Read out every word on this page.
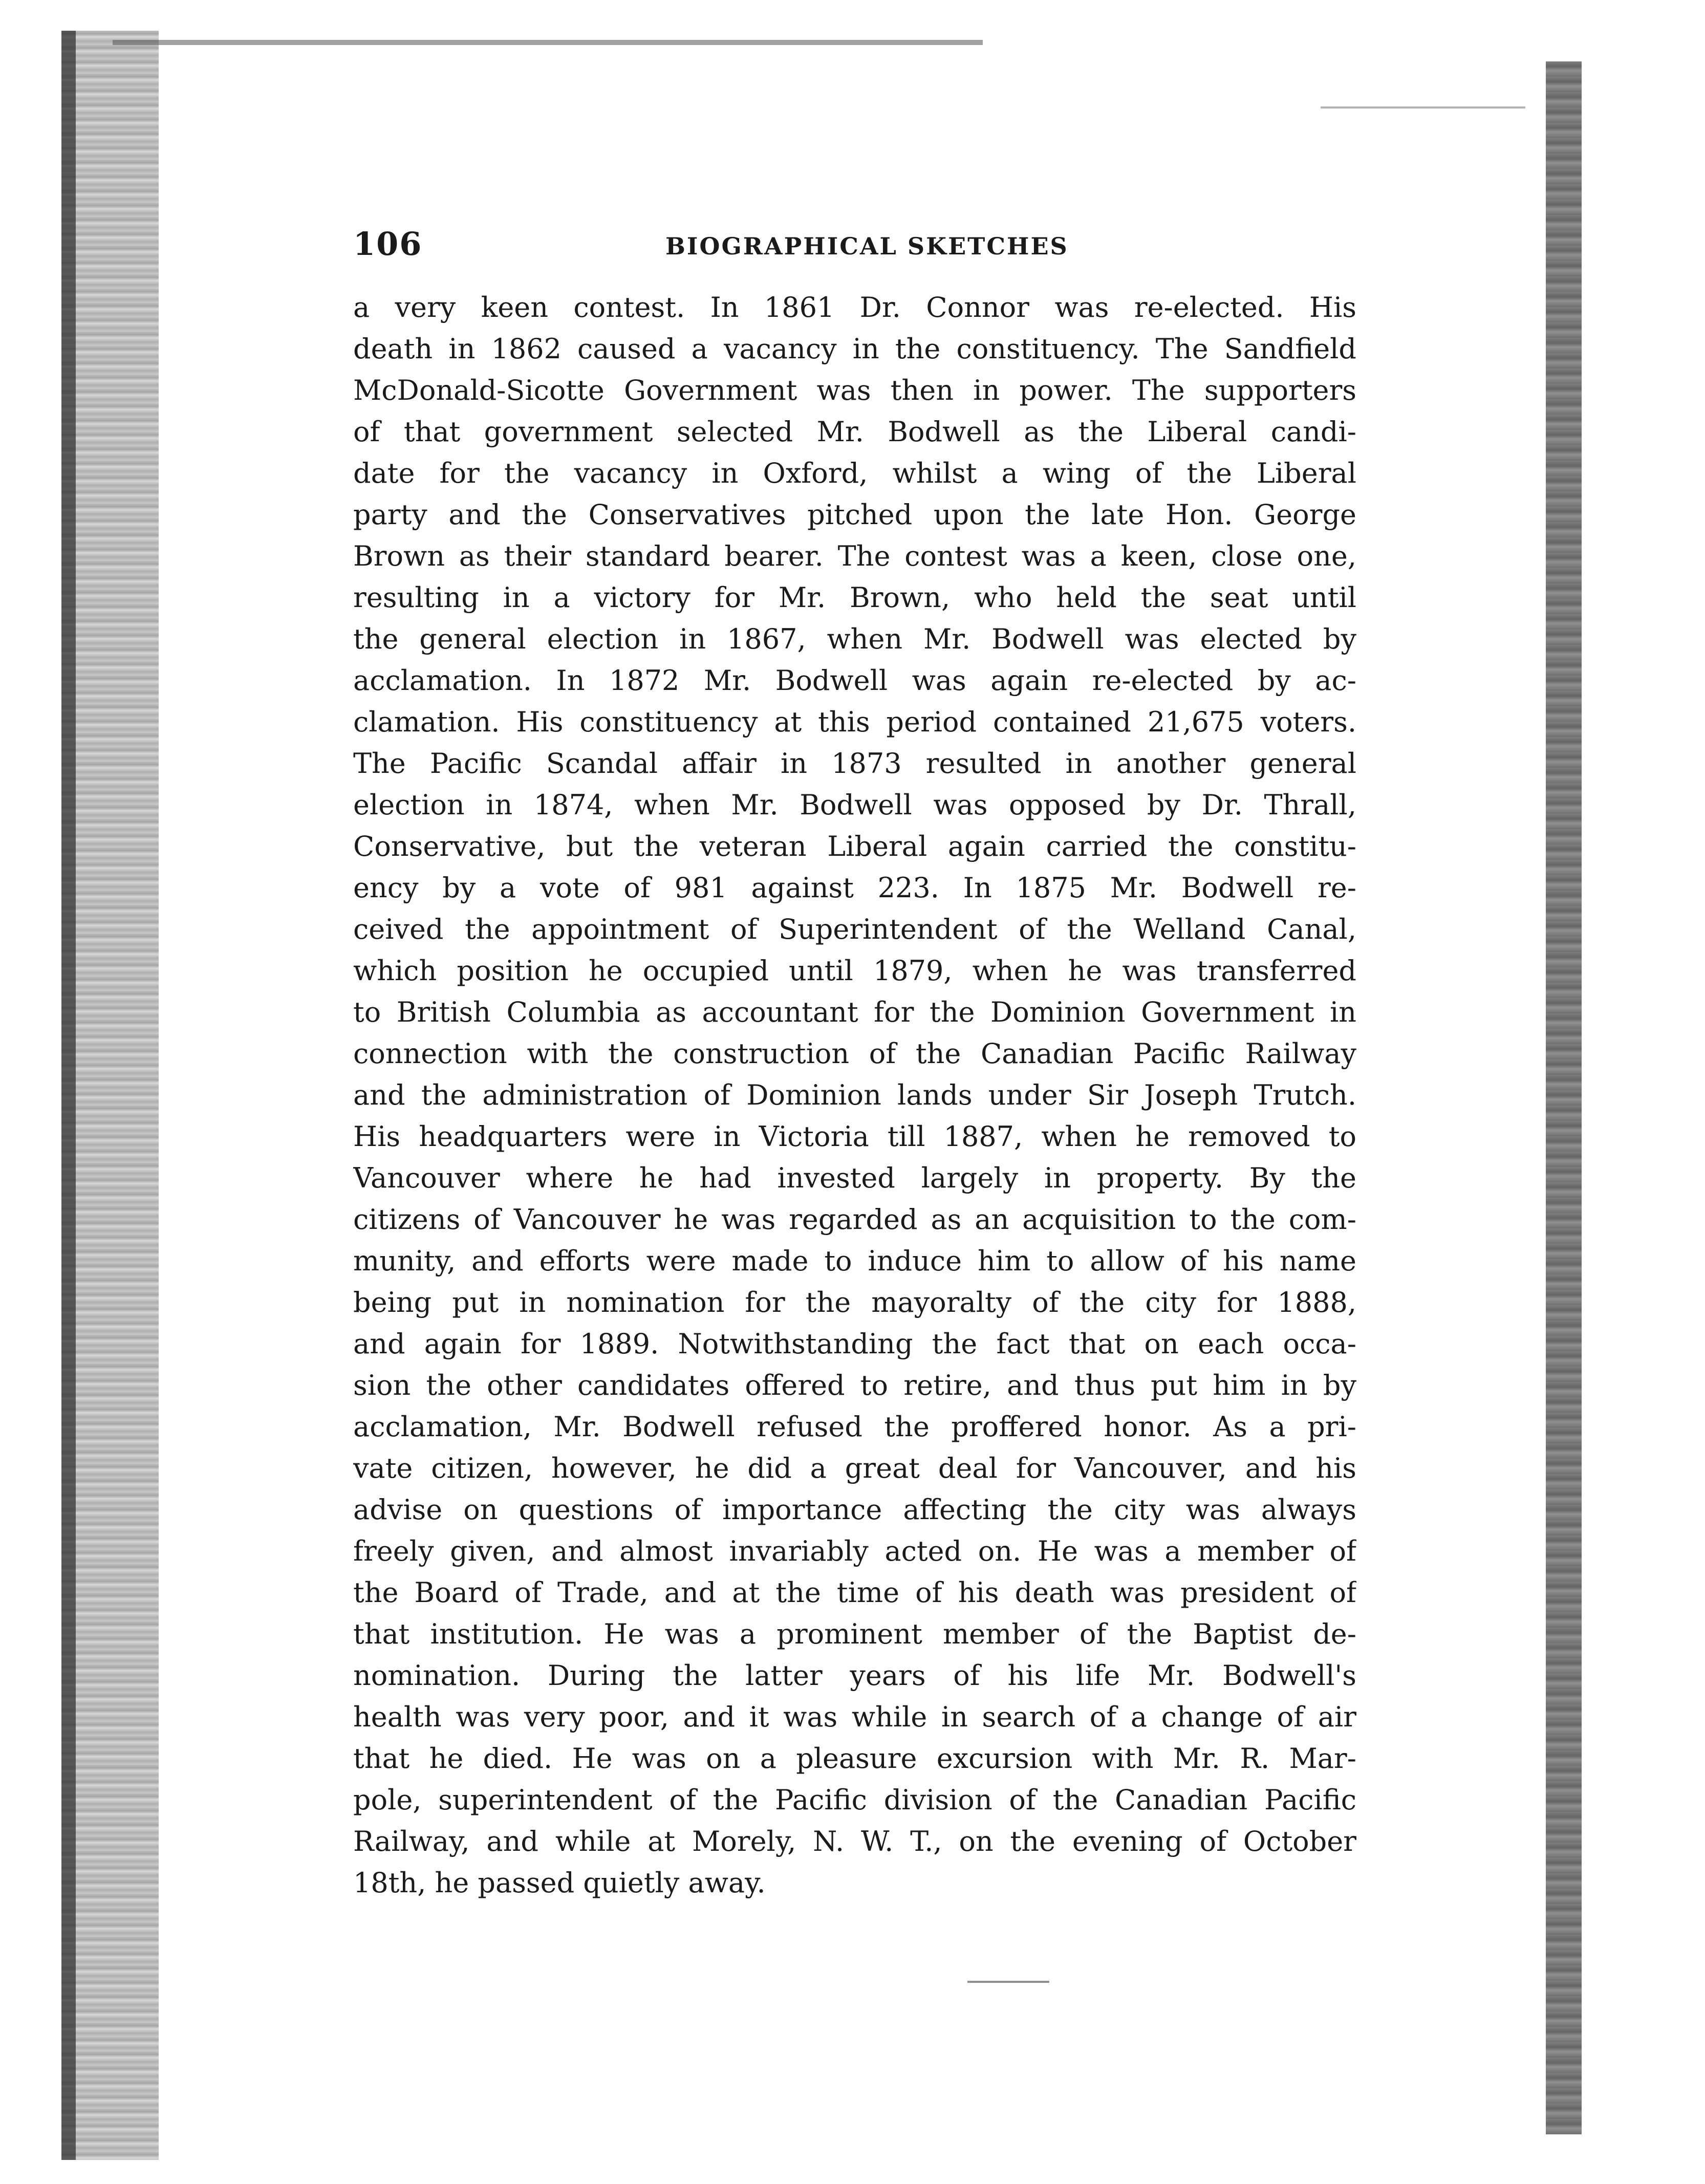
106	BIOGRAPHICAL SKETCHES
a very keen contest. In 1861 Dr. Connor was re-elected. His
death in 1862 caused a vacancy in the constituency. The Sandfield
McDonald-Sicotte Government was then in power. The supporters
of that government selected Mr. Bodwell as the Liberal candi-
date for the vacancy in Oxford, whilst a wing of the Liberal
party and the Conservatives pitched upon the late Hon. George
Brown as their standard bearer. The contest was a keen, close one,
resulting in a victory for Mr. Brown, who held the seat until
the general election in 1867, when Mr. Bodwell was elected by
acclamation. In 1872 Mr. Bodwell was again re-elected by ac-
clamation. His constituency at this period contained 21,675 voters.
The Pacific Scandal affair in 1873 resulted in another general
election in 1874, when Mr. Bodwell was opposed by Dr. Thrall,
Conservative, but the veteran Liberal again carried the constitu-
ency by a vote of 981 against 223. In 1875 Mr. Bodwell re-
ceived the appointment of Superintendent of the Welland Canal,
which position he occupied until 1879, when he was transferred
to British Columbia as accountant for the Dominion Government in
connection with the construction of the Canadian Pacific Railway
and the administration of Dominion lands under Sir Joseph Trutch.
His headquarters were in Victoria till 1887, when he removed to
Vancouver where he had invested largely in property. By the
citizens of Vancouver he was regarded as an acquisition to the com-
munity, and efforts were made to induce him to allow of his name
being put in nomination for the mayoralty of the city for 1888,
and again for 1889. Notwithstanding the fact that on each occa-
sion the other candidates offered to retire, and thus put him in by
acclamation, Mr. Bodwell refused the proffered honor. As a pri-
vate citizen, however, he did a great deal for Vancouver, and his
advise on questions of importance affecting the city was always
freely given, and almost invariably acted on. He was a member of
the Board of Trade, and at the time of his death was president of
that institution. He was a prominent member of the Baptist de-
nomination. During the latter years of his life Mr. Bodwell's
health was very poor, and it was while in search of a change of air
that he died. He was on a pleasure excursion with Mr. R. Mar-
pole, superintendent of the Pacific division of the Canadian Pacific
Railway, and while at Morely, N. W. T., on the evening of October
18th, he passed quietly away.
